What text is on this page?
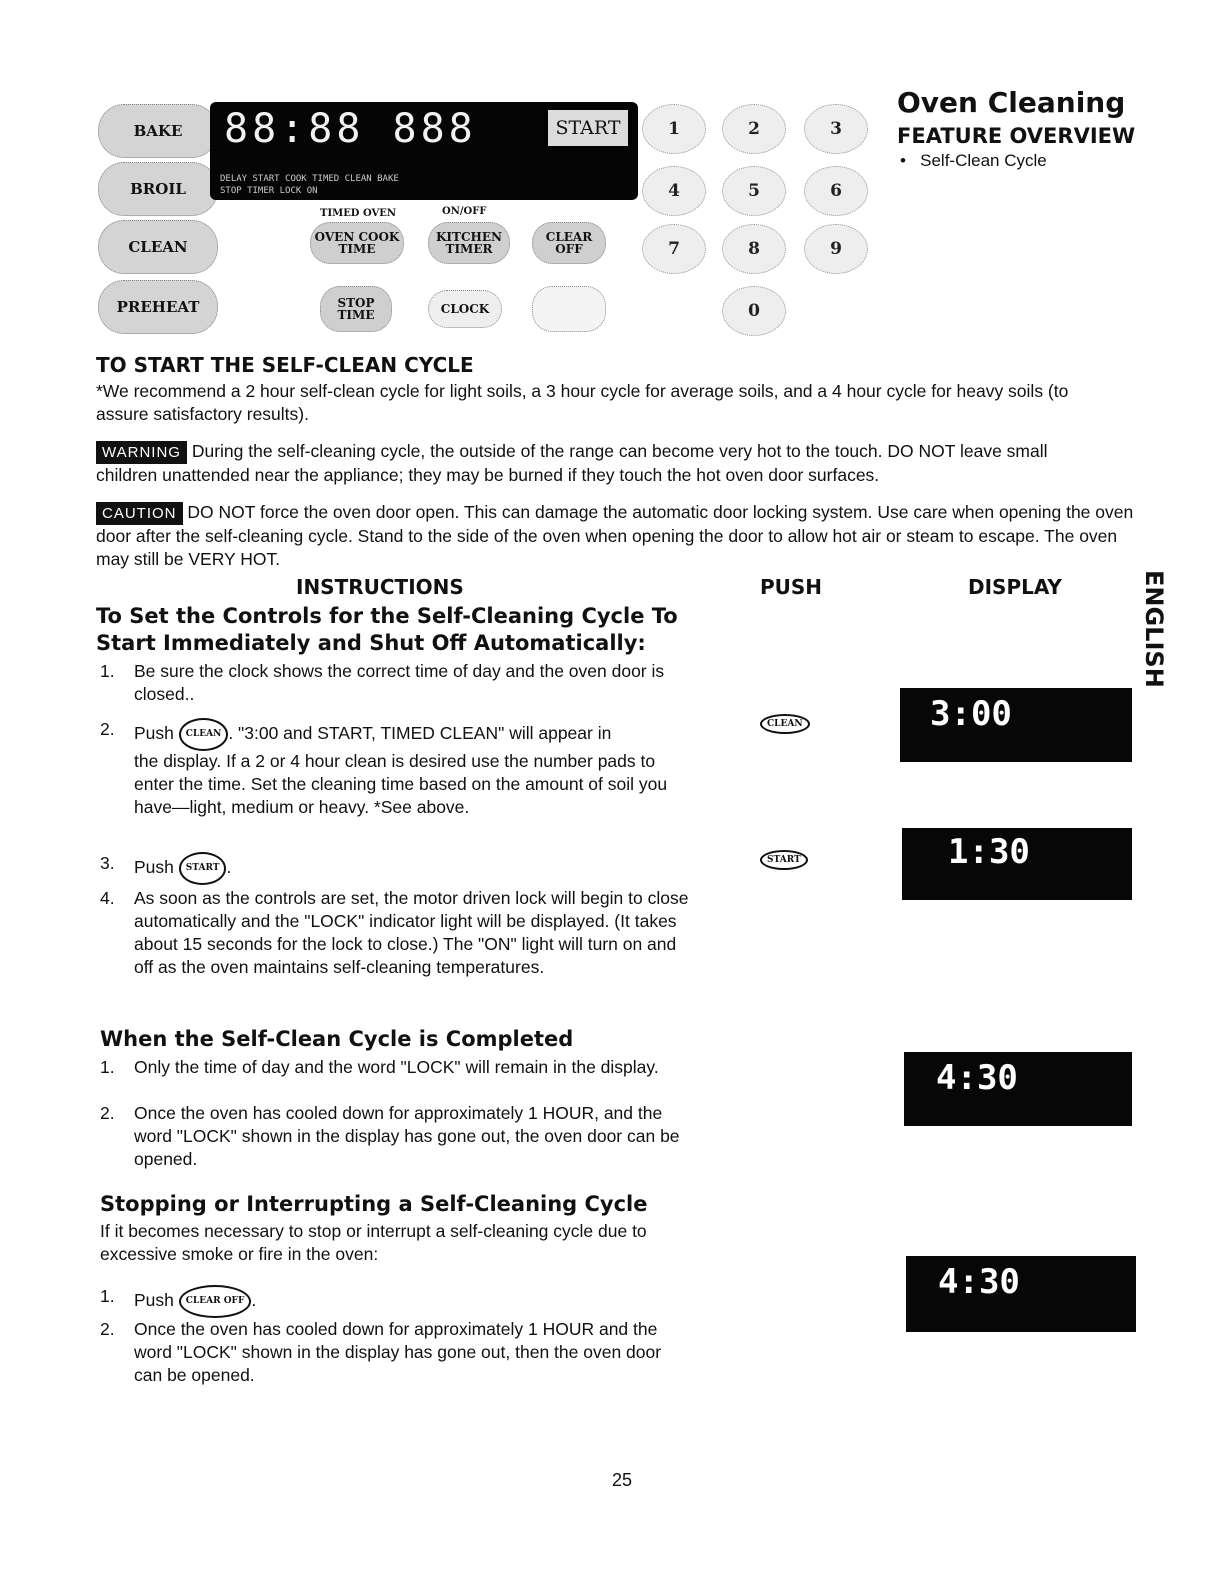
BAKE
BROIL
CLEAN
PREHEAT
88:88 888
DELAY START COOK TIMED CLEAN BAKE
STOP TIMER LOCK ON
START
TIMED OVEN	ON/OFF
OVEN COOK TIME
KITCHEN TIMER
CLEAR OFF
STOP TIME	CLOCK
1	2	3
4	5	6
7	8	9
0
Oven Cleaning
FEATURE OVERVIEW
•   Self-Clean Cycle
TO START THE SELF-CLEAN CYCLE
*We recommend a 2 hour self-clean cycle for light soils, a 3 hour cycle for average soils, and a 4 hour cycle for heavy soils (to assure satisfactory results).
WARNING During the self-cleaning cycle, the outside of the range can become very hot to the touch. DO NOT leave small children unattended near the appliance; they may be burned if they touch the hot oven door surfaces.
CAUTION DO NOT force the oven door open. This can damage the automatic door locking system. Use care when opening the oven door after the self-cleaning cycle. Stand to the side of the oven when opening the door to allow hot air or steam to escape. The oven may still be VERY HOT.
INSTRUCTIONS	PUSH	DISPLAY	ENGLISH
To Set the Controls for the Self-Cleaning Cycle To Start Immediately and Shut Off Automatically:
1. Be sure the clock shows the correct time of day and the oven door is closed..
2. Push CLEAN . "3:00 and START, TIMED CLEAN" will appear in
the display. If a 2 or 4 hour clean is desired use the number pads to enter the time. Set the cleaning time based on the amount of soil you have—light, medium or heavy. *See above.
3. Push START .
4. As soon as the controls are set, the motor driven lock will begin to close automatically and the "LOCK" indicator light will be displayed. (It takes about 15 seconds for the lock to close.) The "ON" light will turn on and off as the oven maintains self-cleaning temperatures.
CLEAN
START
3:00
1:30
When the Self-Clean Cycle is Completed
1. Only the time of day and the word "LOCK" will remain in the display.
2. Once the oven has cooled down for approximately 1 HOUR, and the word "LOCK" shown in the display has gone out, the oven door can be opened.
4:30
Stopping or Interrupting a Self-Cleaning Cycle
If it becomes necessary to stop or interrupt a self-cleaning cycle due to excessive smoke or fire in the oven:
1. Push CLEAR OFF .
2. Once the oven has cooled down for approximately 1 HOUR and the word "LOCK" shown in the display has gone out, then the oven door can be opened.
4:30
25
